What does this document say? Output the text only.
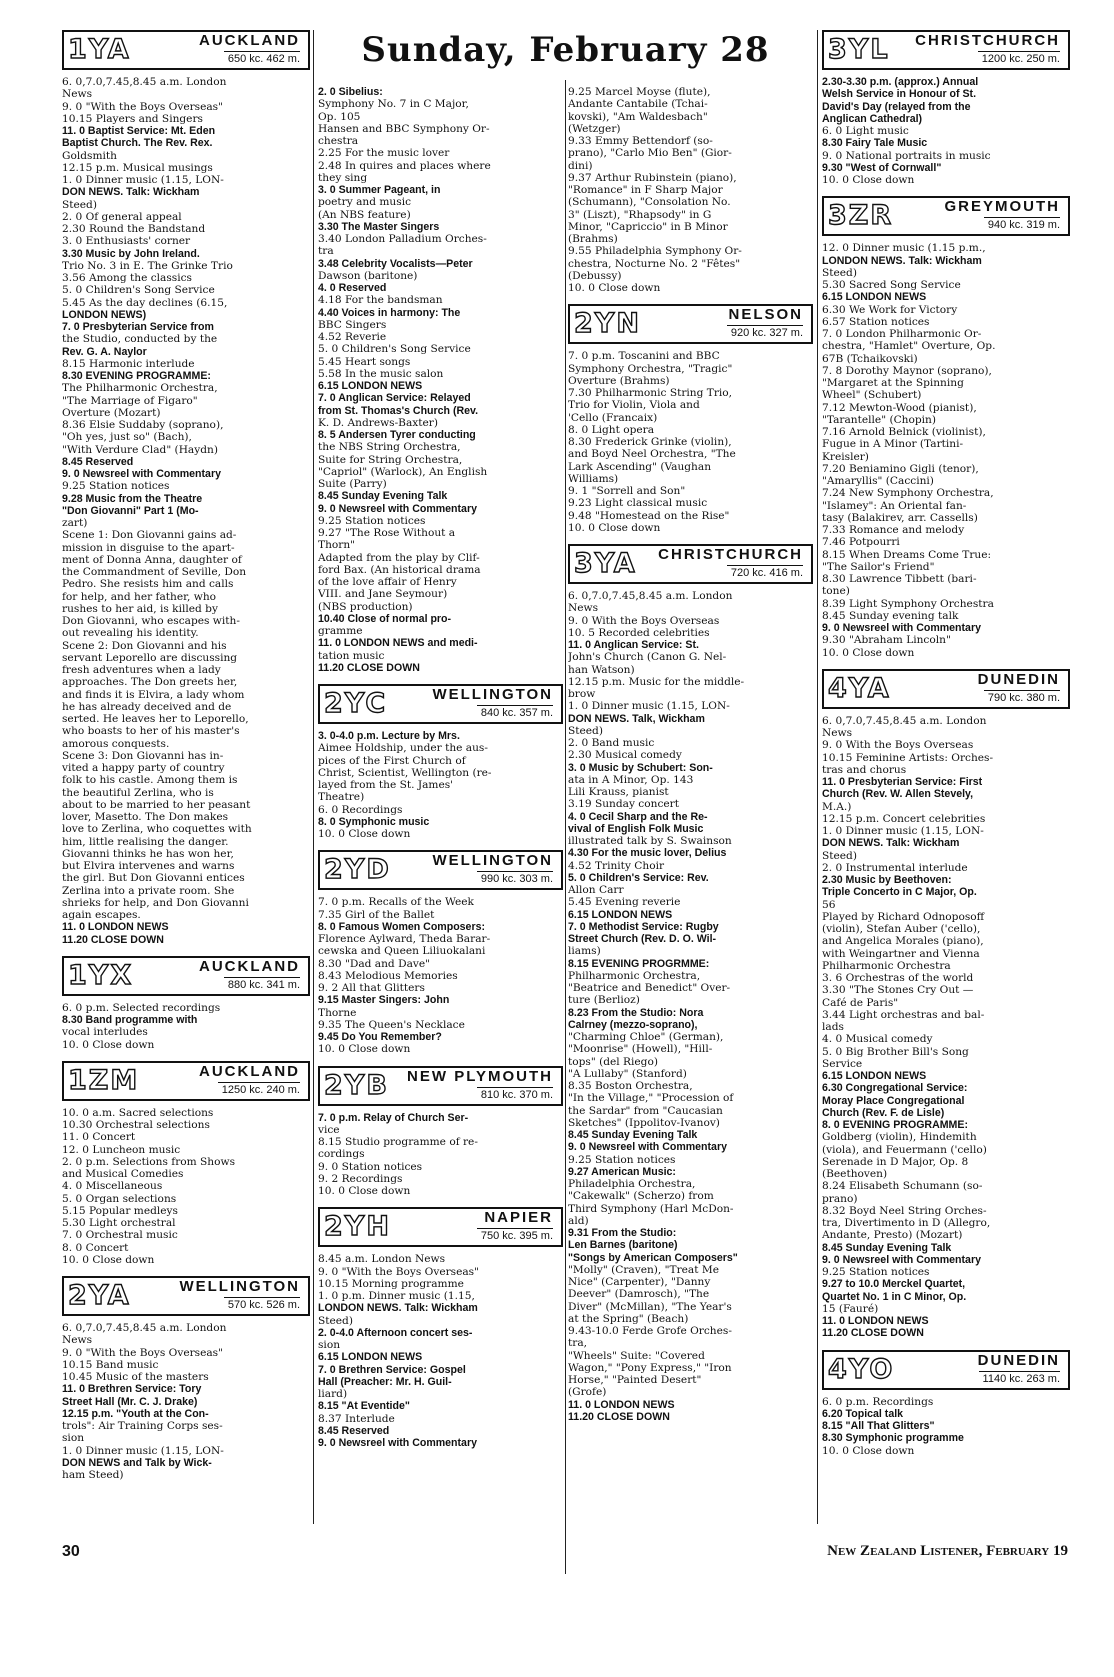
Sunday, February 28
1YA	AUCKLAND
650 kc. 462 m.
6. 0,7.0,7.45,8.45 a.m. London
News
9. 0 "With the Boys Overseas"
10.15 Players and Singers
11. 0 Baptist Service: Mt. Eden
Baptist Church. The Rev. Rex.
Goldsmith
12.15 p.m. Musical musings
1. 0 Dinner music (1.15, LON-
DON NEWS. Talk: Wickham
Steed)
2. 0 Of general appeal
2.30 Round the Bandstand
3. 0 Enthusiasts' corner
3.30 Music by John Ireland.
Trio No. 3 in E. The Grinke Trio
3.56 Among the classics
5. 0 Children's Song Service
5.45 As the day declines (6.15,
LONDON NEWS)
7. 0 Presbyterian Service from
the Studio, conducted by the
Rev. G. A. Naylor
8.15 Harmonic interlude
8.30 EVENING PROGRAMME:
The Philharmonic Orchestra,
"The Marriage of Figaro"
Overture (Mozart)
8.36 Elsie Suddaby (soprano),
"Oh yes, just so" (Bach),
"With Verdure Clad" (Haydn)
8.45 Reserved
9. 0 Newsreel with Commentary
9.25 Station notices
9.28 Music from the Theatre
"Don Giovanni" Part 1 (Mo-
zart)
Scene 1: Don Giovanni gains ad-
mission in disguise to the apart-
ment of Donna Anna, daughter of
the Commandment of Seville, Don
Pedro. She resists him and calls
for help, and her father, who
rushes to her aid, is killed by
Don Giovanni, who escapes with-
out revealing his identity.
Scene 2: Don Giovanni and his
servant Leporello are discussing
fresh adventures when a lady
approaches. The Don greets her,
and finds it is Elvira, a lady whom
he has already deceived and de
serted. He leaves her to Leporello,
who boasts to her of his master's
amorous conquests.
Scene 3: Don Giovanni has in-
vited a happy party of country
folk to his castle. Among them is
the beautiful Zerlina, who is
about to be married to her peasant
lover, Masetto. The Don makes
love to Zerlina, who coquettes with
him, little realising the danger.
Giovanni thinks he has won her,
but Elvira intervenes and warns
the girl. But Don Giovanni entices
Zerlina into a private room. She
shrieks for help, and Don Giovanni
again escapes.
11. 0 LONDON NEWS
11.20 CLOSE DOWN
1YX	AUCKLAND
880 kc. 341 m.
6. 0 p.m. Selected recordings
8.30 Band programme with
vocal interludes
10. 0 Close down
1ZM	AUCKLAND
1250 kc. 240 m.
10. 0 a.m. Sacred selections
10.30 Orchestral selections
11. 0 Concert
12. 0 Luncheon music
2. 0 p.m. Selections from Shows
and Musical Comedies
4. 0 Miscellaneous
5. 0 Organ selections
5.15 Popular medleys
5.30 Light orchestral
7. 0 Orchestral music
8. 0 Concert
10. 0 Close down
2YA	WELLINGTON
570 kc. 526 m.
6. 0,7.0,7.45,8.45 a.m. London
News
9. 0 "With the Boys Overseas"
10.15 Band music
10.45 Music of the masters
11. 0 Brethren Service: Tory
Street Hall (Mr. C. J. Drake)
12.15 p.m. "Youth at the Con-
trols": Air Training Corps ses-
sion
1. 0 Dinner music (1.15, LON-
DON NEWS and Talk by Wick-
ham Steed)
2. 0 Sibelius:
Symphony No. 7 in C Major,
Op. 105
Hansen and BBC Symphony Or-
chestra
2.25 For the music lover
2.48 In quires and places where
they sing
3. 0 Summer Pageant, in
poetry and music
(An NBS feature)
3.30 The Master Singers
3.40 London Palladium Orches-
tra
3.48 Celebrity Vocalists—Peter
Dawson (baritone)
4. 0 Reserved
4.18 For the bandsman
4.40 Voices in harmony: The
BBC Singers
4.52 Reverie
5. 0 Children's Song Service
5.45 Heart songs
5.58 In the music salon
6.15 LONDON NEWS
7. 0 Anglican Service: Relayed
from St. Thomas's Church (Rev.
K. D. Andrews-Baxter)
8. 5 Andersen Tyrer conducting
the NBS String Orchestra,
Suite for String Orchestra,
"Capriol" (Warlock), An English
Suite (Parry)
8.45 Sunday Evening Talk
9. 0 Newsreel with Commentary
9.25 Station notices
9.27 "The Rose Without a
Thorn"
Adapted from the play by Clif-
ford Bax. (An historical drama
of the love affair of Henry
VIII. and Jane Seymour)
(NBS production)
10.40 Close of normal pro-
gramme
11. 0 LONDON NEWS and medi-
tation music
11.20 CLOSE DOWN
2YC	WELLINGTON
840 kc. 357 m.
3. 0-4.0 p.m. Lecture by Mrs.
Aimee Holdship, under the aus-
pices of the First Church of
Christ, Scientist, Wellington (re-
layed from the St. James'
Theatre)
6. 0 Recordings
8. 0 Symphonic music
10. 0 Close down
2YD	WELLINGTON
990 kc. 303 m.
7. 0 p.m. Recalls of the Week
7.35 Girl of the Ballet
8. 0 Famous Women Composers:
Florence Aylward, Theda Barar-
cewska and Queen Liliuokalani
8.30 "Dad and Dave"
8.43 Melodious Memories
9. 2 All that Glitters
9.15 Master Singers: John
Thorne
9.35 The Queen's Necklace
9.45 Do You Remember?
10. 0 Close down
2YB NEW PLYMOUTH
810 kc. 370 m.
7. 0 p.m. Relay of Church Ser-
vice
8.15 Studio programme of re-
cordings
9. 0 Station notices
9. 2 Recordings
10. 0 Close down
2YH	NAPIER
750 kc. 395 m.
8.45 a.m. London News
9. 0 "With the Boys Overseas"
10.15 Morning programme
1. 0 p.m. Dinner music (1.15,
LONDON NEWS. Talk: Wickham
Steed)
2. 0-4.0 Afternoon concert ses-
sion
6.15 LONDON NEWS
7. 0 Brethren Service: Gospel
Hall (Preacher: Mr. H. Guil-
liard)
8.15 "At Eventide"
8.37 Interlude
8.45 Reserved
9. 0 Newsreel with Commentary
9.25 Marcel Moyse (flute),
Andante Cantabile (Tchai-
kovski), "Am Waldesbach"
(Wetzger)
9.33 Emmy Bettendorf (so-
prano), "Carlo Mio Ben" (Gior-
dini)
9.37 Arthur Rubinstein (piano),
"Romance" in F Sharp Major
(Schumann), "Consolation No.
3" (Liszt), "Rhapsody" in G
Minor, "Capriccio" in B Minor
(Brahms)
9.55 Philadelphia Symphony Or-
chestra, Nocturne No. 2 "Fêtes"
(Debussy)
10. 0 Close down
2YN	NELSON
920 kc. 327 m.
7. 0 p.m. Toscanini and BBC
Symphony Orchestra, "Tragic"
Overture (Brahms)
7.30 Philharmonic String Trio,
Trio for Violin, Viola and
'Cello (Francaix)
8. 0 Light opera
8.30 Frederick Grinke (violin),
and Boyd Neel Orchestra, "The
Lark Ascending" (Vaughan
Williams)
9. 1 "Sorrell and Son"
9.23 Light classical music
9.48 "Homestead on the Rise"
10. 0 Close down
3YA CHRISTCHURCH
720 kc. 416 m.
6. 0,7.0,7.45,8.45 a.m. London
News
9. 0 With the Boys Overseas
10. 5 Recorded celebrities
11. 0 Anglican Service: St.
John's Church (Canon G. Nel-
han Watson)
12.15 p.m. Music for the middle-
brow
1. 0 Dinner music (1.15, LON-
DON NEWS. Talk, Wickham
Steed)
2. 0 Band music
2.30 Musical comedy
3. 0 Music by Schubert: Son-
ata in A Minor, Op. 143
Lili Krauss, pianist
3.19 Sunday concert
4. 0 Cecil Sharp and the Re-
vival of English Folk Music
illustrated talk by S. Swainson
4.30 For the music lover, Delius
4.52 Trinity Choir
5. 0 Children's Service: Rev.
Allon Carr
5.45 Evening reverie
6.15 LONDON NEWS
7. 0 Methodist Service: Rugby
Street Church (Rev. D. O. Wil-
liams)
8.15 EVENING PROGRMME:
Philharmonic Orchestra,
"Beatrice and Benedict" Over-
ture (Berlioz)
8.23 From the Studio: Nora
Calrney (mezzo-soprano),
"Charming Chloe" (German),
"Moonrise" (Howell), "Hill-
tops" (del Riego)
"A Lullaby" (Stanford)
8.35 Boston Orchestra,
"In the Village," "Procession of
the Sardar" from "Caucasian
Sketches" (Ippolitov-Ivanov)
8.45 Sunday Evening Talk
9. 0 Newsreel with Commentary
9.25 Station notices
9.27 American Music:
Philadelphia Orchestra,
"Cakewalk" (Scherzo) from
Third Symphony (Harl McDon-
ald)
9.31 From the Studio:
Len Barnes (baritone)
"Songs by American Composers"
"Molly" (Craven), "Treat Me
Nice" (Carpenter), "Danny
Deever" (Damrosch), "The
Diver" (McMillan), "The Year's
at the Spring" (Beach)
9.43-10.0 Ferde Grofe Orches-
tra,
"Wheels" Suite: "Covered
Wagon," "Pony Express," "Iron
Horse," "Painted Desert"
(Grofe)
11. 0 LONDON NEWS
11.20 CLOSE DOWN
3YL CHRISTCHURCH
1200 kc. 250 m.
2.30-3.30 p.m. (approx.) Annual
Welsh Service in Honour of St.
David's Day (relayed from the
Anglican Cathedral)
6. 0 Light music
8.30 Fairy Tale Music
9. 0 National portraits in music
9.30 "West of Cornwall"
10. 0 Close down
3ZR	GREYMOUTH
940 kc. 319 m.
12. 0 Dinner music (1.15 p.m.,
LONDON NEWS. Talk: Wickham
Steed)
5.30 Sacred Song Service
6.15 LONDON NEWS
6.30 We Work for Victory
6.57 Station notices
7. 0 London Philharmonic Or-
chestra, "Hamlet" Overture, Op.
67B (Tchaikovski)
7. 8 Dorothy Maynor (soprano),
"Margaret at the Spinning
Wheel" (Schubert)
7.12 Mewton-Wood (pianist),
"Tarantelle" (Chopin)
7.16 Arnold Belnick (violinist),
Fugue in A Minor (Tartini-
Kreisler)
7.20 Beniamino Gigli (tenor),
"Amaryllis" (Caccini)
7.24 New Symphony Orchestra,
"Islamey": An Oriental fan-
tasy (Balakirev, arr. Cassells)
7.33 Romance and melody
7.46 Potpourri
8.15 When Dreams Come True:
"The Sailor's Friend"
8.30 Lawrence Tibbett (bari-
tone)
8.39 Light Symphony Orchestra
8.45 Sunday evening talk
9. 0 Newsreel with Commentary
9.30 "Abraham Lincoln"
10. 0 Close down
4YA	DUNEDIN
790 kc. 380 m.
6. 0,7.0,7.45,8.45 a.m. London
News
9. 0 With the Boys Overseas
10.15 Feminine Artists: Orches-
tras and chorus
11. 0 Presbyterian Service: First
Church (Rev. W. Allen Stevely,
M.A.)
12.15 p.m. Concert celebrities
1. 0 Dinner music (1.15, LON-
DON NEWS. Talk: Wickham
Steed)
2. 0 Instrumental interlude
2.30 Music by Beethoven:
Triple Concerto in C Major, Op.
56
Played by Richard Odnoposoff
(violin), Stefan Auber ('cello),
and Angelica Morales (piano),
with Weingartner and Vienna
Philharmonic Orchestra
3. 6 Orchestras of the world
3.30 "The Stones Cry Out —
Café de Paris"
3.44 Light orchestras and bal-
lads
4. 0 Musical comedy
5. 0 Big Brother Bill's Song
Service
6.15 LONDON NEWS
6.30 Congregational Service:
Moray Place Congregational
Church (Rev. F. de Lisle)
8. 0 EVENING PROGRAMME:
Goldberg (violin), Hindemith
(viola), and Feuermann ('cello)
Serenade in D Major, Op. 8
(Beethoven)
8.24 Elisabeth Schumann (so-
prano)
8.32 Boyd Neel String Orches-
tra, Divertimento in D (Allegro,
Andante, Presto) (Mozart)
8.45 Sunday Evening Talk
9. 0 Newsreel with Commentary
9.25 Station notices
9.27 to 10.0 Merckel Quartet,
Quartet No. 1 in C Minor, Op.
15 (Fauré)
11. 0 LONDON NEWS
11.20 CLOSE DOWN
4YO	DUNEDIN
1140 kc. 263 m.
6. 0 p.m. Recordings
6.20 Topical talk
8.15 "All That Glitters"
8.30 Symphonic programme
10. 0 Close down
30	New Zealand Listener, February 19
